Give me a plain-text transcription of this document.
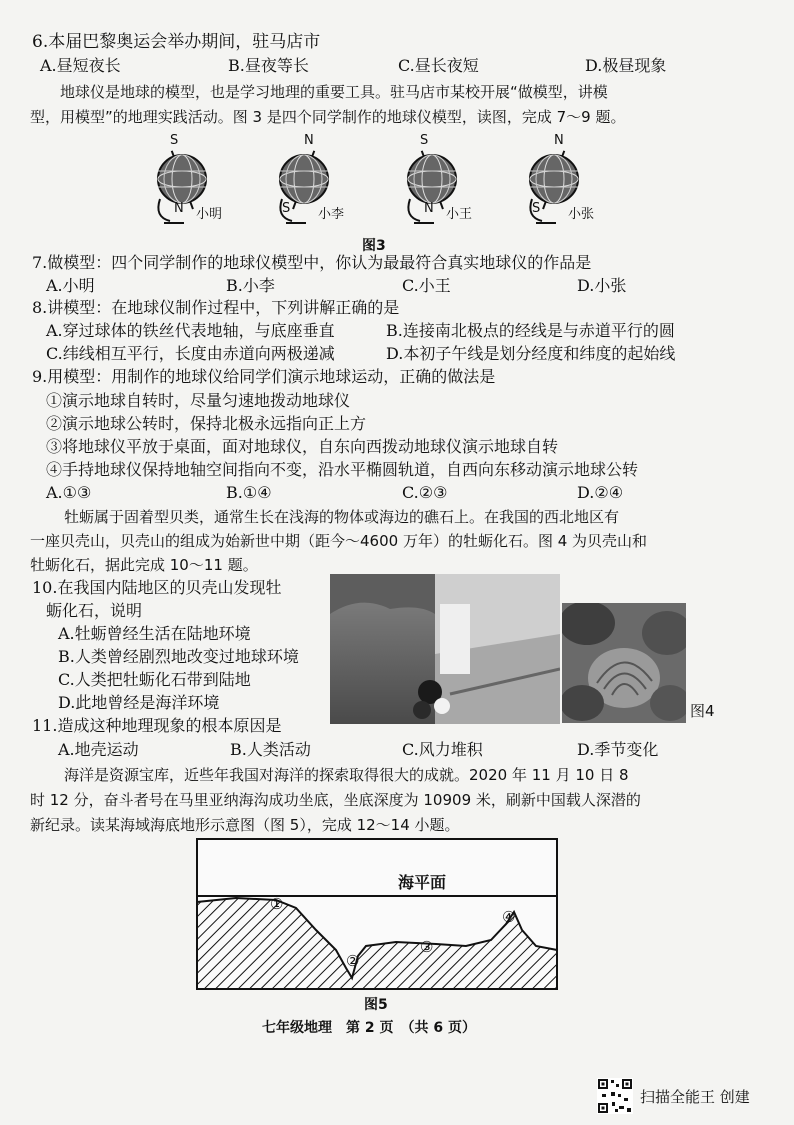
6.本届巴黎奥运会举办期间，驻马店市
A.昼短夜长	B.昼夜等长	C.昼长夜短	D.极昼现象
地球仪是地球的模型，也是学习地理的重要工具。驻马店市某校开展“做模型，讲模
型，用模型”的地理实践活动。图 3 是四个同学制作的地球仪模型，读图，完成 7～9 题。
S
N 小明
N
S 小李
S
N 小王
N
S 小张
图3
7.做模型：四个同学制作的地球仪模型中，你认为最最符合真实地球仪的作品是
A.小明	B.小李	C.小王	D.小张
8.讲模型：在地球仪制作过程中，下列讲解正确的是
A.穿过球体的铁丝代表地轴，与底座垂直	B.连接南北极点的经线是与赤道平行的圆
C.纬线相互平行，长度由赤道向两极递减	D.本初子午线是划分经度和纬度的起始线
9.用模型：用制作的地球仪给同学们演示地球运动，正确的做法是
①演示地球自转时，尽量匀速地拨动地球仪
②演示地球公转时，保持北极永远指向正上方
③将地球仪平放于桌面，面对地球仪，自东向西拨动地球仪演示地球自转
④手持地球仪保持地轴空间指向不变，沿水平椭圆轨道，自西向东移动演示地球公转
A.①③	B.①④	C.②③	D.②④
牡蛎属于固着型贝类，通常生长在浅海的物体或海边的礁石上。在我国的西北地区有
一座贝壳山，贝壳山的组成为始新世中期（距今～4600 万年）的牡蛎化石。图 4 为贝壳山和
牡蛎化石，据此完成 10～11 题。
10.在我国内陆地区的贝壳山发现牡
蛎化石，说明
A.牡蛎曾经生活在陆地环境
B.人类曾经剧烈地改变过地球环境
C.人类把牡蛎化石带到陆地
D.此地曾经是海洋环境	图4
11.造成这种地理现象的根本原因是
A.地壳运动	B.人类活动	C.风力堆积	D.季节变化
海洋是资源宝库，近些年我国对海洋的探索取得很大的成就。2020 年 11 月 10 日 8
时 12 分，奋斗者号在马里亚纳海沟成功坐底，坐底深度为 10909 米，刷新中国载人深潜的
新纪录。读某海域海底地形示意图（图 5），完成 12～14 小题。
海平面
①
②
③
④
图5
七年级地理　第 2 页　（共 6 页）
扫描全能王 创建
